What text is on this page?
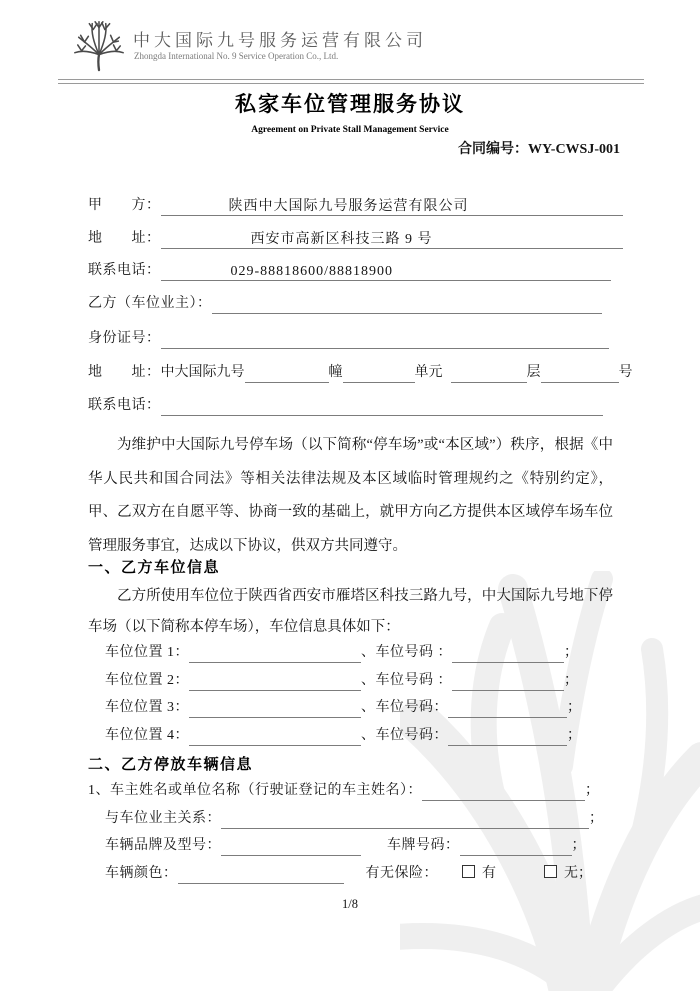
中大国际九号服务运营有限公司
Zhongda International No. 9 Service Operation Co., Ltd.
私家车位管理服务协议
Agreement on Private Stall Management Service
合同编号：WY-CWSJ-001
甲　　方：	陕西中大国际九号服务运营有限公司
地　　址：	西安市高新区科技三路 9 号
联系电话：	029-88818600/88818900
乙方（车位业主）：
身份证号：
地　　址：中大国际九号	幢	单元	层	号
联系电话：
为维护中大国际九号停车场（以下简称“停车场”或“本区域”）秩序，根据《中华人民共和国合同法》等相关法律法规及本区域临时管理规约之《特别约定》，甲、乙双方在自愿平等、协商一致的基础上，就甲方向乙方提供本区域停车场车位管理服务事宜，达成以下协议，供双方共同遵守。
一、乙方车位信息
乙方所使用车位位于陕西省西安市雁塔区科技三路九号，中大国际九号地下停车场（以下简称本停车场），车位信息具体如下：
车位位置 1：	、车位号码 ：	；
车位位置 2：	、车位号码 ：	；
车位位置 3：	、车位号码：	；
车位位置 4：	、车位号码：	；
二、乙方停放车辆信息
1、车主姓名或单位名称（行驶证登记的车主姓名）：	；
与车位业主关系：	；
车辆品牌及型号：	车牌号码：	；
车辆颜色：	有无保险：	有	无；
1/8
